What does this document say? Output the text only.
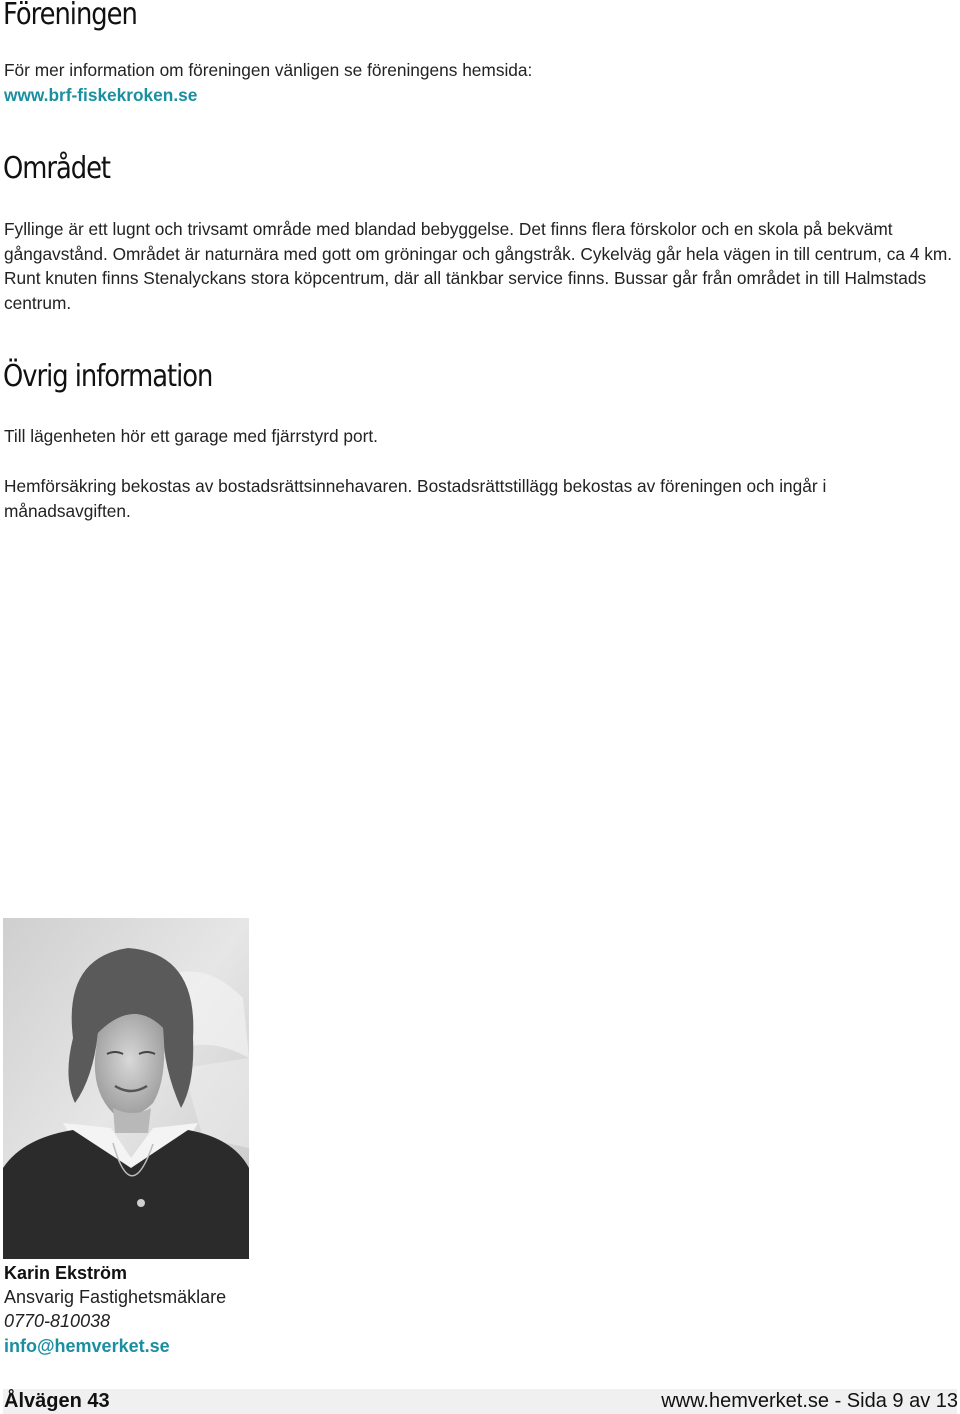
Föreningen

För mer information om föreningen vänligen se föreningens hemsida:
www.brf-fiskekroken.se

Området

Fyllinge är ett lugnt och trivsamt område med blandad bebyggelse. Det finns flera förskolor och en skola på bekvämt gångavstånd. Området är naturnära med gott om gröningar och gångstråk. Cykelväg går hela vägen in till centrum, ca 4 km. Runt knuten finns Stenalyckans stora köpcentrum, där all tänkbar service finns. Bussar går från området in till Halmstads centrum.

Övrig information

Till lägenheten hör ett garage med fjärrstyrd port.

Hemförsäkring bekostas av bostadsrättsinnehavaren. Bostadsrättstillägg bekostas av föreningen och ingår i månadsavgiften.

Karin Ekström
Ansvarig Fastighetsmäklare
0770-810038
info@hemverket.se
Ålvägen 43	www.hemverket.se - Sida 9 av 13
